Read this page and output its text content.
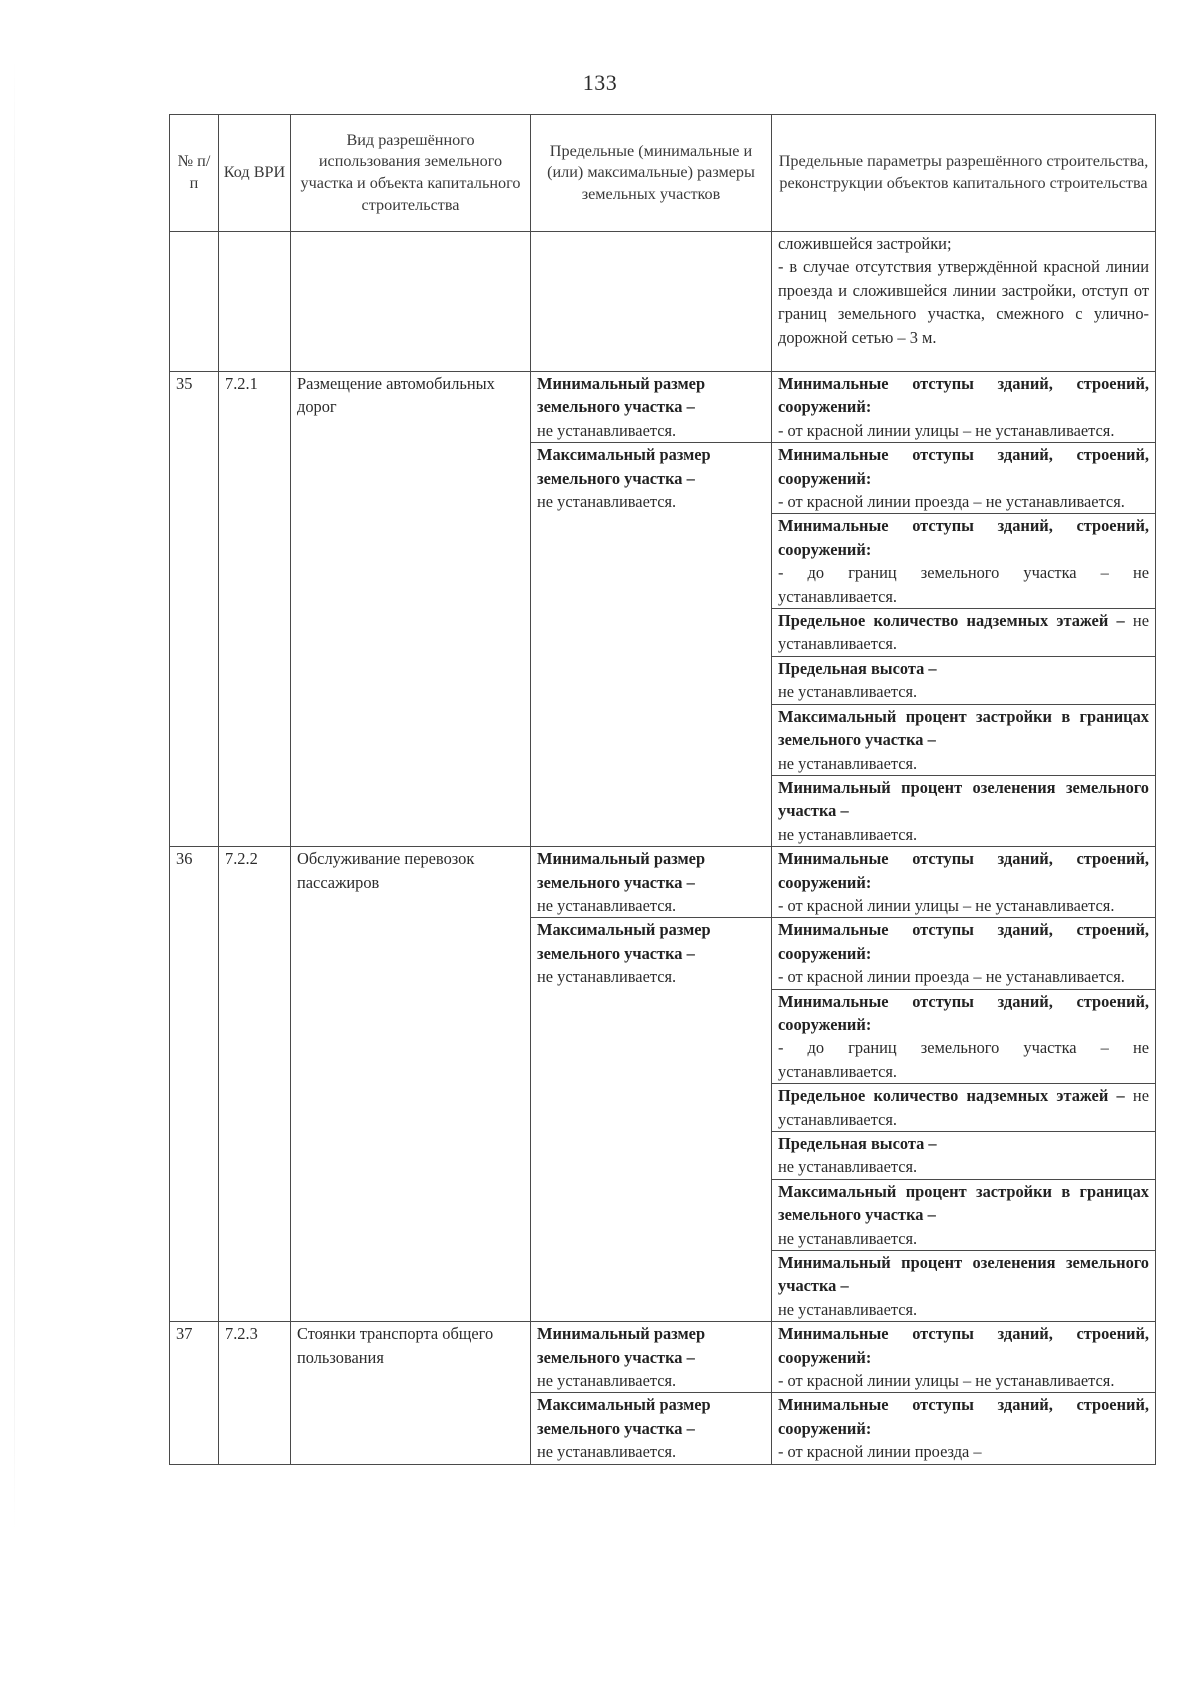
133
№ п/п	Код ВРИ	Вид разрешённого использования земельного участка и объекта капитального строительства	Предельные (минимальные и (или) максимальные) размеры земельных участков	Предельные параметры разрешённого строительства, реконструкции объектов капитального строительства
				сложившейся застройки;
- в случае отсутствия утверждённой красной линии проезда и сложившейся линии застройки, отступ от границ земельного участка, смежного с улично-дорожной сетью – 3 м.
35	7.2.1	Размещение автомобильных дорог	Минимальный размер земельного участка –
не устанавливается.	Минимальные отступы зданий, строений, сооружений:
- от красной линии улицы – не устанавливается.
			Максимальный размер земельного участка –
не устанавливается.	Минимальные отступы зданий, строений, сооружений:
- от красной линии проезда – не устанавливается.
				Минимальные отступы зданий, строений, сооружений:
- до границ земельного участка – не устанавливается.
				Предельное количество надземных этажей – не устанавливается.
				Предельная высота –
не устанавливается.
				Максимальный процент застройки в границах земельного участка –
не устанавливается.
				Минимальный процент озеленения земельного участка –
не устанавливается.
36	7.2.2	Обслуживание перевозок пассажиров	Минимальный размер земельного участка –
не устанавливается.	Минимальные отступы зданий, строений, сооружений:
- от красной линии улицы – не устанавливается.
			Максимальный размер земельного участка –
не устанавливается.	Минимальные отступы зданий, строений, сооружений:
- от красной линии проезда – не устанавливается.
				Минимальные отступы зданий, строений, сооружений:
- до границ земельного участка – не устанавливается.
				Предельное количество надземных этажей – не устанавливается.
				Предельная высота –
не устанавливается.
				Максимальный процент застройки в границах земельного участка –
не устанавливается.
				Минимальный процент озеленения земельного участка –
не устанавливается.
37	7.2.3	Стоянки транспорта общего пользования	Минимальный размер земельного участка –
не устанавливается.	Минимальные отступы зданий, строений, сооружений:
- от красной линии улицы – не устанавливается.
			Максимальный размер земельного участка –
не устанавливается.	Минимальные отступы зданий, строений, сооружений:
- от красной линии проезда –
